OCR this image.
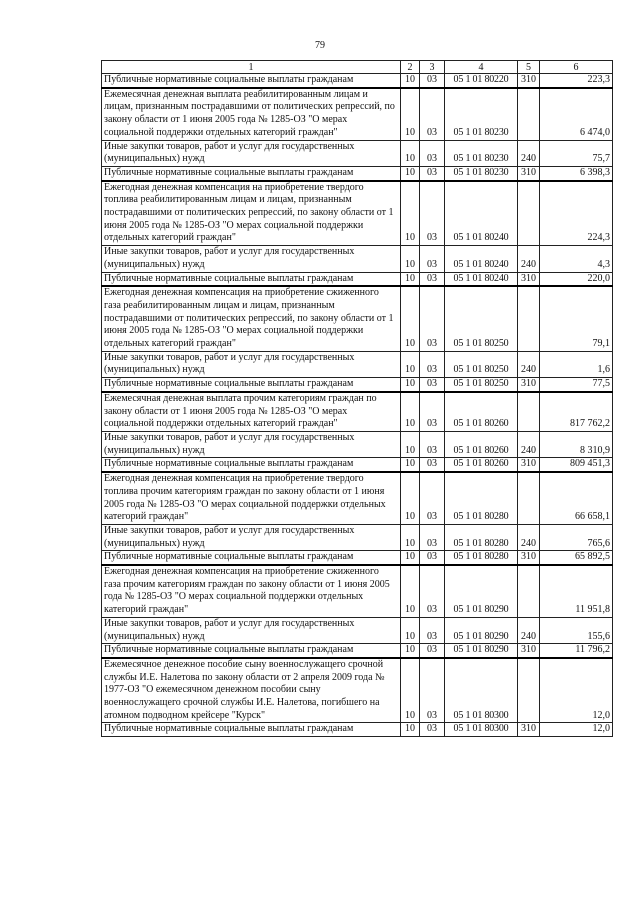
79
1	2	3	4	5	6
Публичные нормативные социальные выплаты гражданам	10	03	05 1 01 80220	310	223,3
Ежемесячная денежная выплата реабилитированным лицам и лицам, признанным пострадавшими от политических репрессий, по закону области от 1 июня 2005 года № 1285-ОЗ "О мерах социальной поддержки отдельных категорий граждан"	10	03	05 1 01 80230		6 474,0
Иные закупки товаров, работ и услуг для государственных (муниципальных) нужд	10	03	05 1 01 80230	240	75,7
Публичные нормативные социальные выплаты гражданам	10	03	05 1 01 80230	310	6 398,3
Ежегодная денежная компенсация на приобретение твердого топлива реабилитированным лицам и лицам, признанным пострадавшими от политических репрессий, по закону области от 1 июня 2005 года № 1285-ОЗ "О мерах социальной поддержки отдельных категорий граждан"	10	03	05 1 01 80240		224,3
Иные закупки товаров, работ и услуг для государственных (муниципальных) нужд	10	03	05 1 01 80240	240	4,3
Публичные нормативные социальные выплаты гражданам	10	03	05 1 01 80240	310	220,0
Ежегодная денежная компенсация на приобретение сжиженного газа реабилитированным лицам и лицам, признанным пострадавшими от политических репрессий, по закону области от 1 июня 2005 года № 1285-ОЗ "О мерах социальной поддержки отдельных категорий граждан"	10	03	05 1 01 80250		79,1
Иные закупки товаров, работ и услуг для государственных (муниципальных) нужд	10	03	05 1 01 80250	240	1,6
Публичные нормативные социальные выплаты гражданам	10	03	05 1 01 80250	310	77,5
Ежемесячная денежная выплата прочим категориям граждан по закону области от 1 июня 2005 года № 1285-ОЗ "О мерах социальной поддержки отдельных категорий граждан"	10	03	05 1 01 80260		817 762,2
Иные закупки товаров, работ и услуг для государственных (муниципальных) нужд	10	03	05 1 01 80260	240	8 310,9
Публичные нормативные социальные выплаты гражданам	10	03	05 1 01 80260	310	809 451,3
Ежегодная денежная компенсация на приобретение твердого топлива прочим категориям граждан по закону области от 1 июня 2005 года № 1285-ОЗ "О мерах социальной поддержки отдельных категорий граждан"	10	03	05 1 01 80280		66 658,1
Иные закупки товаров, работ и услуг для государственных (муниципальных) нужд	10	03	05 1 01 80280	240	765,6
Публичные нормативные социальные выплаты гражданам	10	03	05 1 01 80280	310	65 892,5
Ежегодная денежная компенсация на приобретение сжиженного газа прочим категориям граждан по закону области от 1 июня 2005 года № 1285-ОЗ "О мерах социальной поддержки отдельных категорий граждан"	10	03	05 1 01 80290		11 951,8
Иные закупки товаров, работ и услуг для государственных (муниципальных) нужд	10	03	05 1 01 80290	240	155,6
Публичные нормативные социальные выплаты гражданам	10	03	05 1 01 80290	310	11 796,2
Ежемесячное денежное пособие сыну военнослужащего срочной службы И.Е. Налетова по закону области от 2 апреля 2009 года № 1977-ОЗ "О ежемесячном денежном пособии сыну военнослужащего срочной службы И.Е. Налетова, погибшего на атомном подводном крейсере "Курск"	10	03	05 1 01 80300		12,0
Публичные нормативные социальные выплаты гражданам	10	03	05 1 01 80300	310	12,0
